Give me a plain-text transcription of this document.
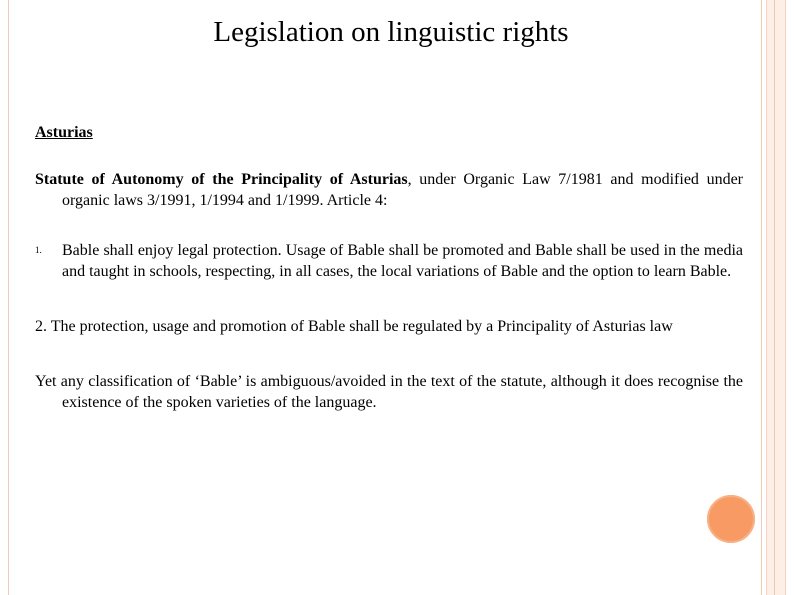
Legislation on linguistic rights

Asturias

Statute of Autonomy of the Principality of Asturias, under Organic Law 7/1981 and modified under organic laws 3/1991, 1/1994 and 1/1999. Article 4:

1. Bable shall enjoy legal protection. Usage of Bable shall be promoted and Bable shall be used in the media and taught in schools, respecting, in all cases, the local variations of Bable and the option to learn Bable.

2. The protection, usage and promotion of Bable shall be regulated by a Principality of Asturias law

Yet any classification of ‘Bable’ is ambiguous/avoided in the text of the statute, although it does recognise the existence of the spoken varieties of the language.
